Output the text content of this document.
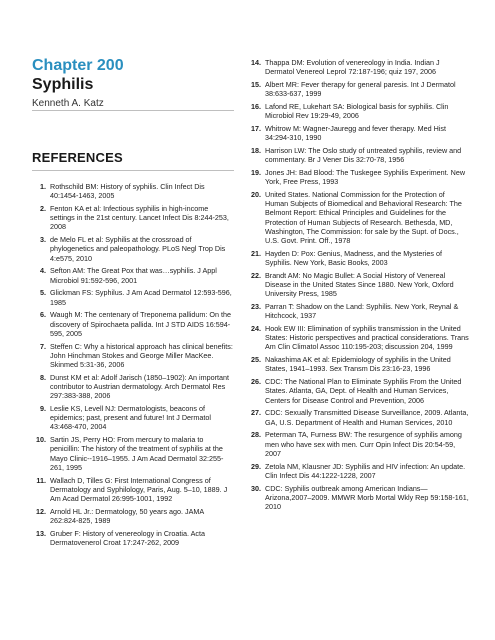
Chapter 200
Syphilis
Kenneth A. Katz
REFERENCES
1. Rothschild BM: History of syphilis. Clin Infect Dis 40:1454-1463, 2005
2. Fenton KA et al: Infectious syphilis in high-income settings in the 21st century. Lancet Infect Dis 8:244-253, 2008
3. de Melo FL et al: Syphilis at the crossroad of phylogenetics and paleopathology. PLoS Negl Trop Dis 4:e575, 2010
4. Sefton AM: The Great Pox that was…syphilis. J Appl Microbiol 91:592-596, 2001
5. Glickman FS: Syphilus. J Am Acad Dermatol 12:593-596, 1985
6. Waugh M: The centenary of Treponema pallidum: On the discovery of Spirochaeta pallida. Int J STD AIDS 16:594-595, 2005
7. Steffen C: Why a historical approach has clinical benefits: John Hinchman Stokes and George Miller MacKee. Skinmed 5:31-36, 2006
8. Dunst KM et al: Adolf Jarisch (1850–1902): An important contributor to Austrian dermatology. Arch Dermatol Res 297:383-388, 2006
9. Leslie KS, Levell NJ: Dermatologists, beacons of epidemics; past, present and future! Int J Dermatol 43:468-470, 2004
10. Sartin JS, Perry HO: From mercury to malaria to penicillin: The history of the treatment of syphilis at the Mayo Clinic--1916–1955. J Am Acad Dermatol 32:255-261, 1995
11. Wallach D, Tilles G: First International Congress of Dermatology and Syphilology, Paris, Aug. 5–10, 1889. J Am Acad Dermatol 26:995-1001, 1992
12. Arnold HL Jr.: Dermatology, 50 years ago. JAMA 262:824-825, 1989
13. Gruber F: History of venereology in Croatia. Acta Dermatovenerol Croat 17:247-262, 2009
14. Thappa DM: Evolution of venereology in India. Indian J Dermatol Venereol Leprol 72:187-196; quiz 197, 2006
15. Albert MR: Fever therapy for general paresis. Int J Dermatol 38:633-637, 1999
16. Lafond RE, Lukehart SA: Biological basis for syphilis. Clin Microbiol Rev 19:29-49, 2006
17. Whitrow M: Wagner-Jauregg and fever therapy. Med Hist 34:294-310, 1990
18. Harrison LW: The Oslo study of untreated syphilis, review and commentary. Br J Vener Dis 32:70-78, 1956
19. Jones JH: Bad Blood: The Tuskegee Syphilis Experiment. New York, Free Press, 1993
20. United States. National Commission for the Protection of Human Subjects of Biomedical and Behavioral Research: The Belmont Report: Ethical Principles and Guidelines for the Protection of Human Subjects of Research. Bethesda, MD, Washington, The Commission: for sale by the Supt. of Docs., U.S. Govt. Print. Off., 1978
21. Hayden D: Pox: Genius, Madness, and the Mysteries of Syphilis. New York, Basic Books, 2003
22. Brandt AM: No Magic Bullet: A Social History of Venereal Disease in the United States Since 1880. New York, Oxford University Press, 1985
23. Parran T: Shadow on the Land: Syphilis. New York, Reynal & Hitchcock, 1937
24. Hook EW III: Elimination of syphilis transmission in the United States: Historic perspectives and practical considerations. Trans Am Clin Climatol Assoc 110:195-203; discussion 204, 1999
25. Nakashima AK et al: Epidemiology of syphilis in the United States, 1941–1993. Sex Transm Dis 23:16-23, 1996
26. CDC: The National Plan to Eliminate Syphilis From the United States. Atlanta, GA, Dept. of Health and Human Services, Centers for Disease Control and Prevention, 2006
27. CDC: Sexually Transmitted Disease Surveillance, 2009. Atlanta, GA, U.S. Department of Health and Human Services, 2010
28. Peterman TA, Furness BW: The resurgence of syphilis among men who have sex with men. Curr Opin Infect Dis 20:54-59, 2007
29. Zetola NM, Klausner JD: Syphilis and HIV infection: An update. Clin Infect Dis 44:1222-1228, 2007
30. CDC: Syphilis outbreak among American Indians—Arizona,2007–2009. MMWR Morb Mortal Wkly Rep 59:158-161, 2010
